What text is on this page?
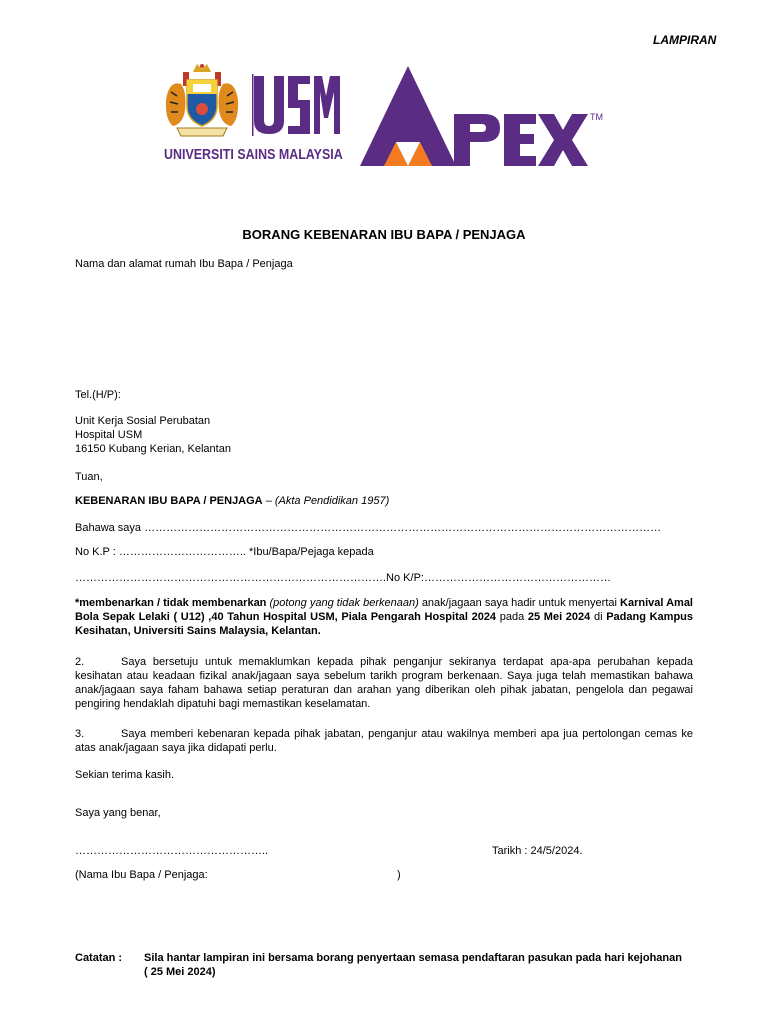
LAMPIRAN
UNIVERSITI SAINS MALAYSIA
TM
BORANG KEBENARAN IBU BAPA / PENJAGA
Nama dan alamat rumah Ibu Bapa / Penjaga
Tel.(H/P):
Unit Kerja Sosial Perubatan
Hospital USM
16150 Kubang Kerian, Kelantan
Tuan,
KEBENARAN IBU BAPA / PENJAGA – (Akta Pendidikan 1957)
Bahawa saya ……………………………………………………………………………………………………………………………
No K.P : …………………………….. *Ibu/Bapa/Pejaga kepada
………………………………………………………………………….No K/P:……………………………………………
*membenarkan / tidak membenarkan (potong yang tidak berkenaan) anak/jagaan saya hadir untuk menyertai Karnival Amal Bola Sepak Lelaki ( U12) ,40 Tahun Hospital USM, Piala Pengarah Hospital 2024 pada 25 Mei 2024 di Padang Kampus Kesihatan, Universiti Sains Malaysia, Kelantan.
2.	Saya bersetuju untuk memaklumkan kepada pihak penganjur sekiranya terdapat apa-apa perubahan kepada kesihatan atau keadaan fizikal anak/jagaan saya sebelum tarikh program berkenaan. Saya juga telah memastikan bahawa anak/jagaan saya faham bahawa setiap peraturan dan arahan yang diberikan oleh pihak jabatan, pengelola dan pegawai pengiring hendaklah dipatuhi bagi memastikan keselamatan.
3.	Saya memberi kebenaran kepada pihak jabatan, penganjur atau wakilnya memberi apa jua pertolongan cemas ke atas anak/jagaan saya jika didapati perlu.
Sekian terima kasih.
Saya yang benar,
……………………………………………..	Tarikh : 24/5/2024.
(Nama Ibu Bapa / Penjaga:	)
Catatan : Sila hantar lampiran ini bersama borang penyertaan semasa pendaftaran pasukan pada hari kejohanan ( 25 Mei 2024)
